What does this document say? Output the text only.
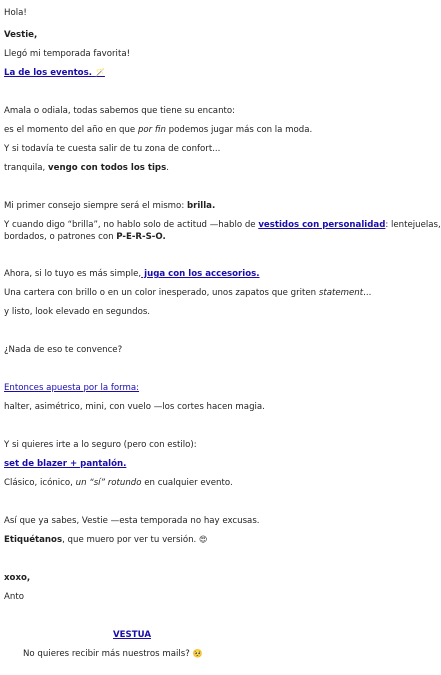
Hola!
Vestie,
Llegó mi temporada favorita!
La de los eventos. 🪄
Amala o odiala, todas sabemos que tiene su encanto:
es el momento del año en que por fin podemos jugar más con la moda.
Y si todavía te cuesta salir de tu zona de confort...
tranquila, vengo con todos los tips.
Mi primer consejo siempre será el mismo: brilla.
Y cuando digo “brilla”, no hablo solo de actitud —hablo de vestidos con personalidad: lentejuelas,
bordados, o patrones con P-E-R-S-O.
Ahora, si lo tuyo es más simple, juga con los accesorios.
Una cartera con brillo o en un color inesperado, unos zapatos que griten statement...
y listo, look elevado en segundos.
¿Nada de eso te convence?
Entonces apuesta por la forma:
halter, asimétrico, mini, con vuelo —los cortes hacen magia.
Y si quieres irte a lo seguro (pero con estilo):
set de blazer + pantalón.
Clásico, icónico, un “sí” rotundo en cualquier evento.
Así que ya sabes, Vestie —esta temporada no hay excusas.
Etiquétanos, que muero por ver tu versión. 😍
xoxo,
Anto
VESTUA
No quieres recibir más nuestros mails? 🥺
